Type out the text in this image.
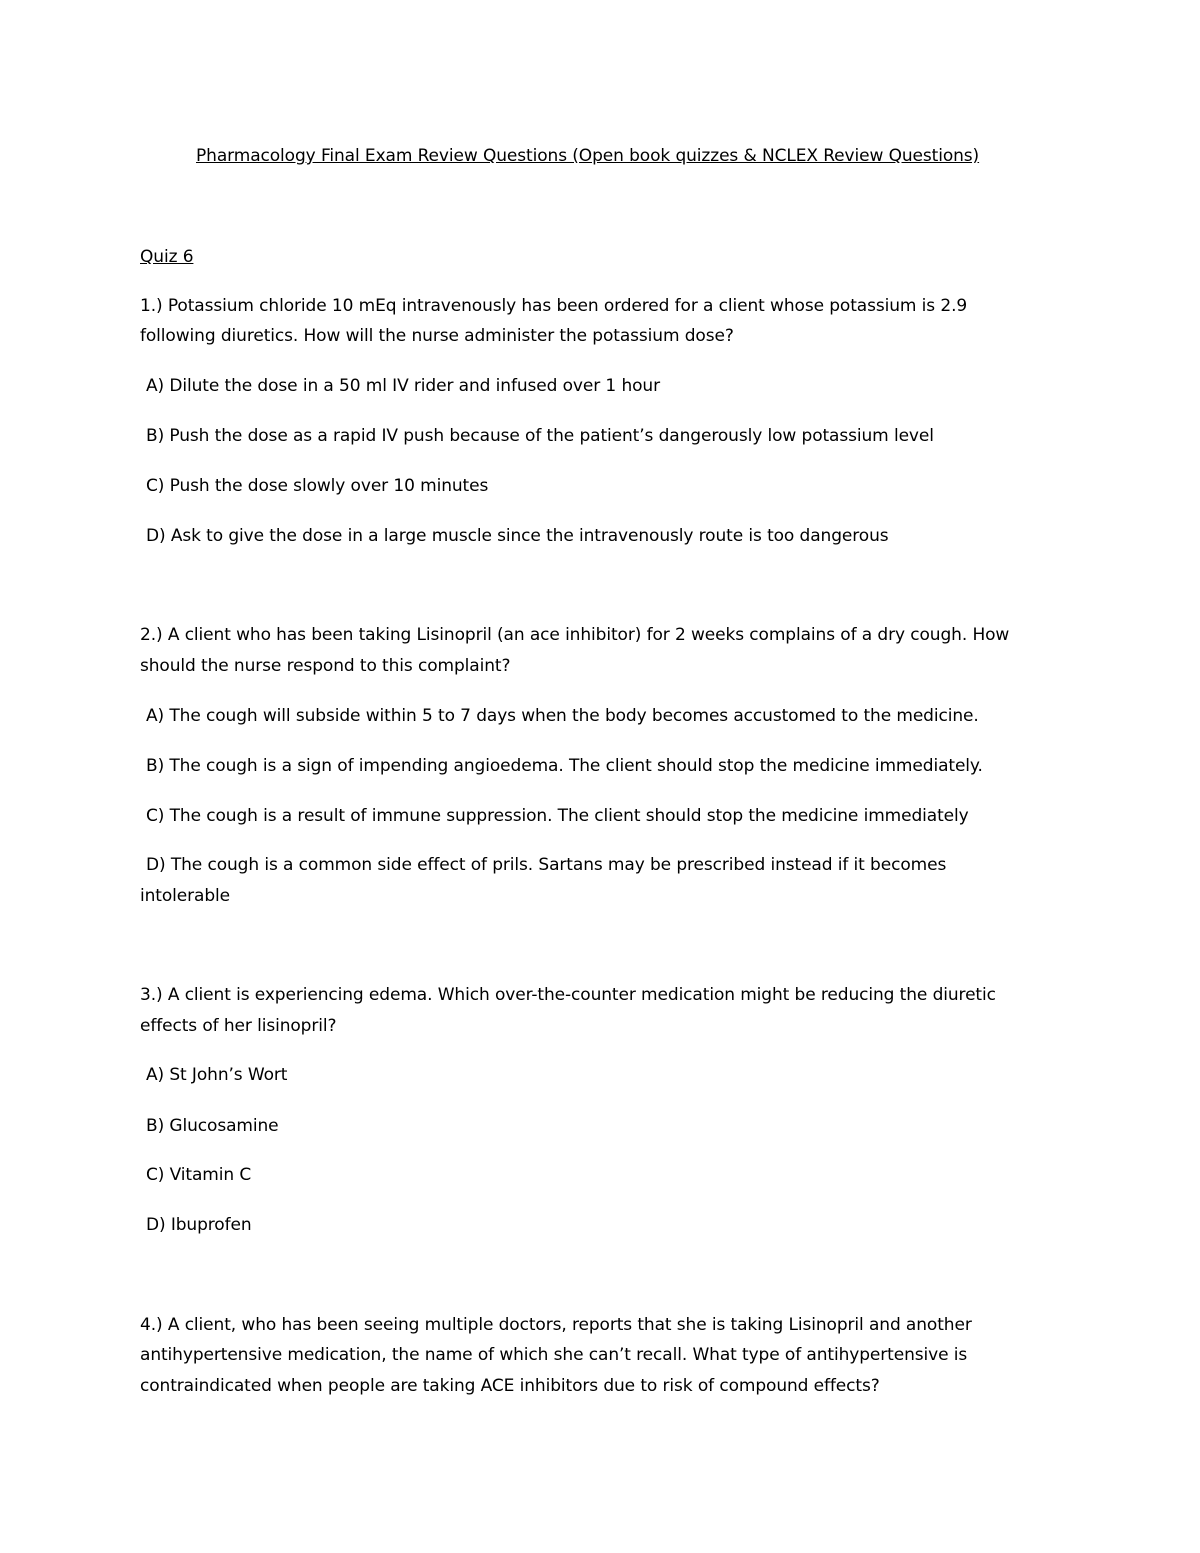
Pharmacology Final Exam Review Questions (Open book quizzes & NCLEX Review Questions)
Quiz 6
1.) Potassium chloride 10 mEq intravenously has been ordered for a client whose potassium is 2.9
following diuretics. How will the nurse administer the potassium dose?
A) Dilute the dose in a 50 ml IV rider and infused over 1 hour
B) Push the dose as a rapid IV push because of the patient’s dangerously low potassium level
C) Push the dose slowly over 10 minutes
D) Ask to give the dose in a large muscle since the intravenously route is too dangerous
2.) A client who has been taking Lisinopril (an ace inhibitor) for 2 weeks complains of a dry cough. How
should the nurse respond to this complaint?
A) The cough will subside within 5 to 7 days when the body becomes accustomed to the medicine.
B) The cough is a sign of impending angioedema. The client should stop the medicine immediately.
C) The cough is a result of immune suppression. The client should stop the medicine immediately
D) The cough is a common side effect of prils. Sartans may be prescribed instead if it becomes
intolerable
3.) A client is experiencing edema. Which over-the-counter medication might be reducing the diuretic
effects of her lisinopril?
A) St John’s Wort
B) Glucosamine
C) Vitamin C
D) Ibuprofen
4.) A client, who has been seeing multiple doctors, reports that she is taking Lisinopril and another
antihypertensive medication, the name of which she can’t recall. What type of antihypertensive is
contraindicated when people are taking ACE inhibitors due to risk of compound effects?
